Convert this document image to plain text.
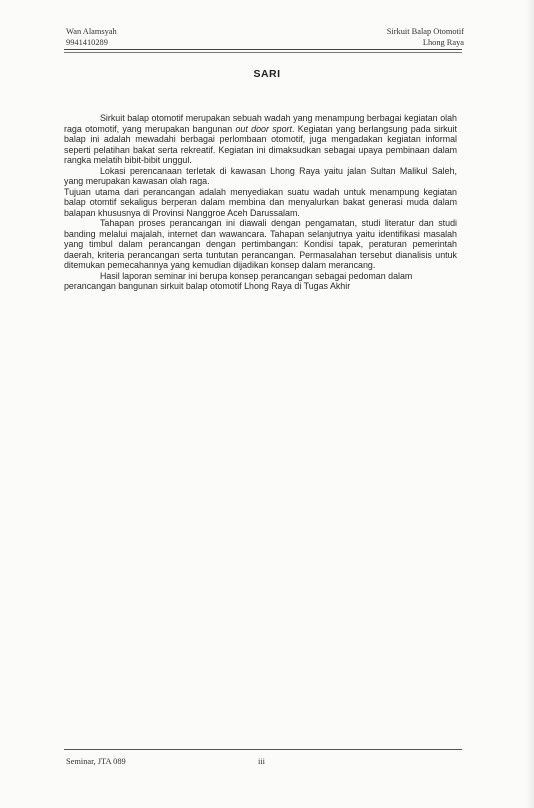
Wan Alamsyah
9941410289
Sirkuit Balap Otomotif
Lhong Raya
SARI

Sirkuit balap otomotif merupakan sebuah wadah yang menampung berbagai kegiatan olah raga otomotif, yang merupakan bangunan out door sport. Kegiatan yang berlangsung pada sirkuit balap ini adalah mewadahi berbagai perlombaan otomotif, juga mengadakan kegiatan informal seperti pelatihan bakat serta rekreatif. Kegiatan ini dimaksudkan sebagai upaya pembinaan dalam rangka melatih bibit-bibit unggul.

Lokasi perencanaan terletak di kawasan Lhong Raya yaitu jalan Sultan Malikul Saleh, yang merupakan kawasan olah raga.

Tujuan utama dari perancangan adalah menyediakan suatu wadah untuk menampung kegiatan balap otomtif sekaligus berperan dalam membina dan menyalurkan bakat generasi muda dalam balapan khususnya di Provinsi Nanggroe Aceh Darussalam.

Tahapan proses perancangan ini diawali dengan pengamatan, studi literatur dan studi banding melalui majalah, internet dan wawancara. Tahapan selanjutnya yaitu identifikasi masalah yang timbul dalam perancangan dengan pertimbangan: Kondisi tapak, peraturan pemerintah daerah, kriteria perancangan serta tuntutan perancangan. Permasalahan tersebut dianalisis untuk ditemukan pemecahannya yang kemudian dijadikan konsep dalam merancang.

Hasil laporan seminar ini berupa konsep perancangan sebagai pedoman dalam perancangan bangunan sirkuit balap otomotif Lhong Raya di Tugas Akhir

Seminar, JTA 089	iii
